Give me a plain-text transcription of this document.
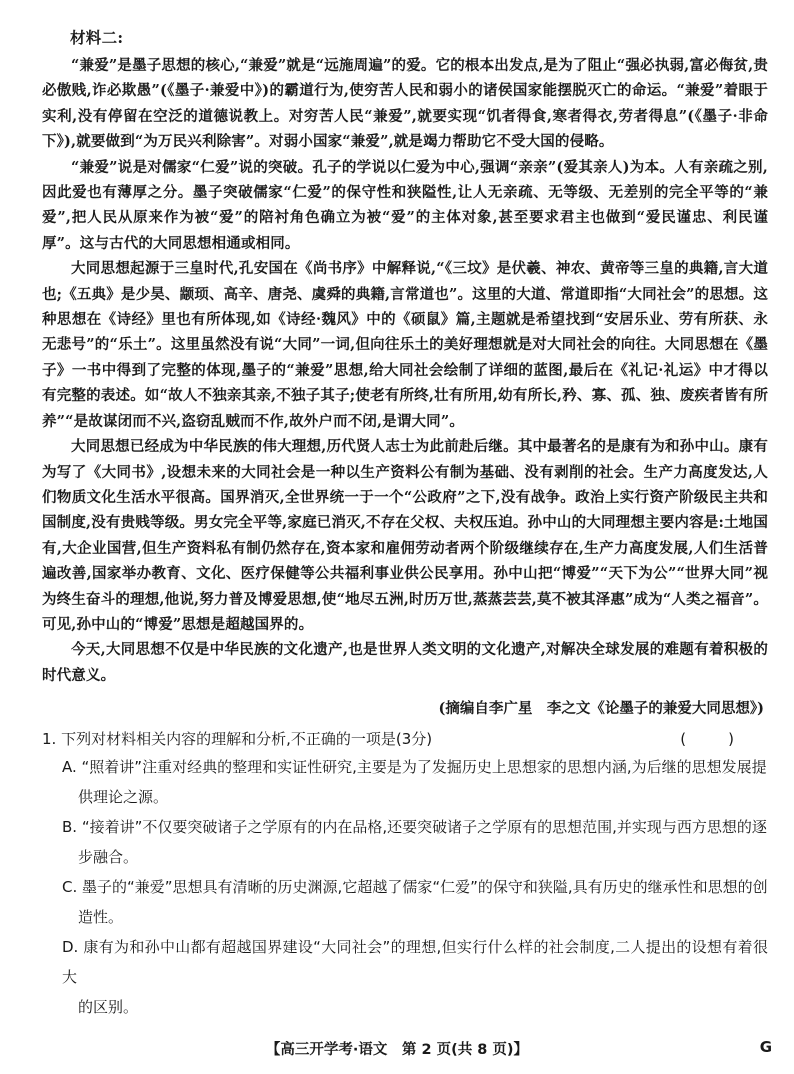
材料二:

“兼爱”是墨子思想的核心,“兼爱”就是“远施周遍”的爱。它的根本出发点,是为了阻止“强必执弱,富必侮贫,贵必傲贱,诈必欺愚”(《墨子·兼爱中》)的霸道行为,使穷苦人民和弱小的诸侯国家能摆脱灭亡的命运。“兼爱”着眼于实利,没有停留在空泛的道德说教上。对穷苦人民“兼爱”,就要实现“饥者得食,寒者得衣,劳者得息”(《墨子·非命下》),就要做到“为万民兴利除害”。对弱小国家“兼爱”,就是竭力帮助它不受大国的侵略。

“兼爱”说是对儒家“仁爱”说的突破。孔子的学说以仁爱为中心,强调“亲亲”(爱其亲人)为本。人有亲疏之别,因此爱也有薄厚之分。墨子突破儒家“仁爱”的保守性和狭隘性,让人无亲疏、无等级、无差别的完全平等的“兼爱”,把人民从原来作为被“爱”的陪衬角色确立为被“爱”的主体对象,甚至要求君主也做到“爱民谨忠、利民谨厚”。这与古代的大同思想相通或相同。

大同思想起源于三皇时代,孔安国在《尚书序》中解释说,“《三坟》是伏羲、神农、黄帝等三皇的典籍,言大道也;《五典》是少昊、颛顼、高辛、唐尧、虞舜的典籍,言常道也”。这里的大道、常道即指“大同社会”的思想。这种思想在《诗经》里也有所体现,如《诗经·魏风》中的《硕鼠》篇,主题就是希望找到“安居乐业、劳有所获、永无悲号”的“乐土”。这里虽然没有说“大同”一词,但向往乐土的美好理想就是对大同社会的向往。大同思想在《墨子》一书中得到了完整的体现,墨子的“兼爱”思想,给大同社会绘制了详细的蓝图,最后在《礼记·礼运》中才得以有完整的表述。如“故人不独亲其亲,不独子其子;使老有所终,壮有所用,幼有所长,矜、寡、孤、独、废疾者皆有所养”“是故谋闭而不兴,盗窃乱贼而不作,故外户而不闭,是谓大同”。

大同思想已经成为中华民族的伟大理想,历代贤人志士为此前赴后继。其中最著名的是康有为和孙中山。康有为写了《大同书》,设想未来的大同社会是一种以生产资料公有制为基础、没有剥削的社会。生产力高度发达,人们物质文化生活水平很高。国界消灭,全世界统一于一个“公政府”之下,没有战争。政治上实行资产阶级民主共和国制度,没有贵贱等级。男女完全平等,家庭已消灭,不存在父权、夫权压迫。孙中山的大同理想主要内容是:土地国有,大企业国营,但生产资料私有制仍然存在,资本家和雇佣劳动者两个阶级继续存在,生产力高度发展,人们生活普遍改善,国家举办教育、文化、医疗保健等公共福利事业供公民享用。孙中山把“博爱”“天下为公”“世界大同”视为终生奋斗的理想,他说,努力普及博爱思想,使“地尽五洲,时历万世,蒸蒸芸芸,莫不被其泽惠”成为“人类之福音”。可见,孙中山的“博爱”思想是超越国界的。

今天,大同思想不仅是中华民族的文化遗产,也是世界人类文明的文化遗产,对解决全球发展的难题有着积极的时代意义。

(摘编自李广星　李之文《论墨子的兼爱大同思想》)

1. 下列对材料相关内容的理解和分析,不正确的一项是(3分)	(　　)

A. “照着讲”注重对经典的整理和实证性研究,主要是为了发掘历史上思想家的思想内涵,为后继的思想发展提

供理论之源。

B. “接着讲”不仅要突破诸子之学原有的内在品格,还要突破诸子之学原有的思想范围,并实现与西方思想的逐

步融合。

C. 墨子的“兼爱”思想具有清晰的历史渊源,它超越了儒家“仁爱”的保守和狭隘,具有历史的继承性和思想的创

造性。

D. 康有为和孙中山都有超越国界建设“大同社会”的理想,但实行什么样的社会制度,二人提出的设想有着很大

的区别。

【高三开学考·语文　第 2 页(共 8 页)】	G
